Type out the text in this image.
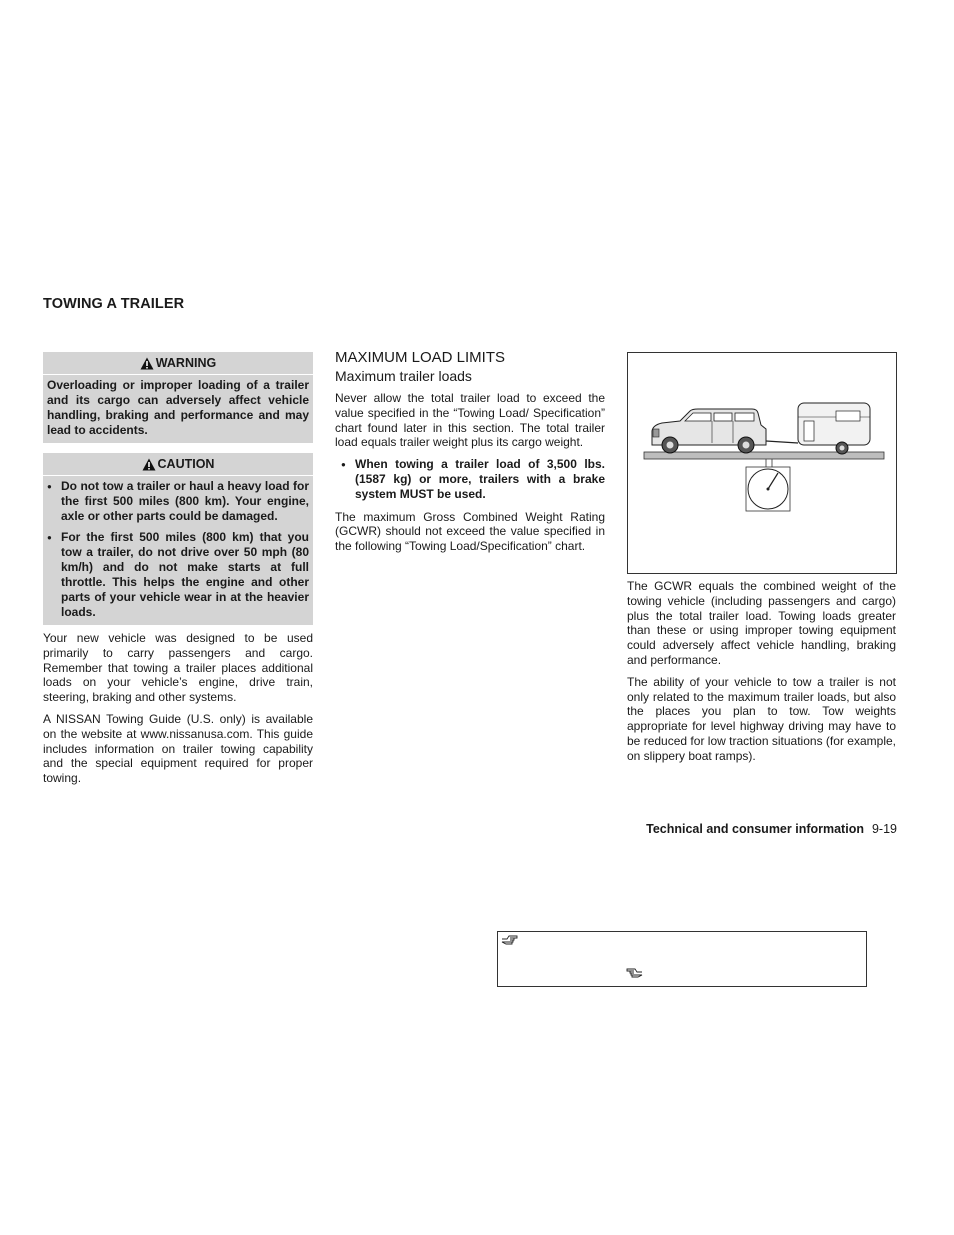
TOWING A TRAILER
WARNING
Overloading or improper loading of a trailer and its cargo can adversely affect vehicle handling, braking and performance and may lead to accidents.
CAUTION
● Do not tow a trailer or haul a heavy load for the first 500 miles (800 km). Your engine, axle or other parts could be damaged.
● For the first 500 miles (800 km) that you tow a trailer, do not drive over 50 mph (80 km/h) and do not make starts at full throttle. This helps the engine and other parts of your vehicle wear in at the heavier loads.

Your new vehicle was designed to be used primarily to carry passengers and cargo. Remember that towing a trailer places additional loads on your vehicle’s engine, drive train, steering, braking and other systems.

A NISSAN Towing Guide (U.S. only) is available on the website at www.nissanusa.com. This guide includes information on trailer towing capability and the special equipment required for proper towing.

MAXIMUM LOAD LIMITS
Maximum trailer loads

Never allow the total trailer load to exceed the value specified in the “Towing Load/ Specification” chart found later in this section. The total trailer load equals trailer weight plus its cargo weight.

● When towing a trailer load of 3,500 lbs. (1587 kg) or more, trailers with a brake system MUST be used.

The maximum Gross Combined Weight Rating (GCWR) should not exceed the value specified in the following “Towing Load/Specification” chart.

The GCWR equals the combined weight of the towing vehicle (including passengers and cargo) plus the total trailer load. Towing loads greater than these or using improper towing equipment could adversely affect vehicle handling, braking and performance.

The ability of your vehicle to tow a trailer is not only related to the maximum trailer loads, but also the places you plan to tow. Tow weights appropriate for level highway driving may have to be reduced for low traction situations (for example, on slippery boat ramps).

Technical and consumer information 9-19
